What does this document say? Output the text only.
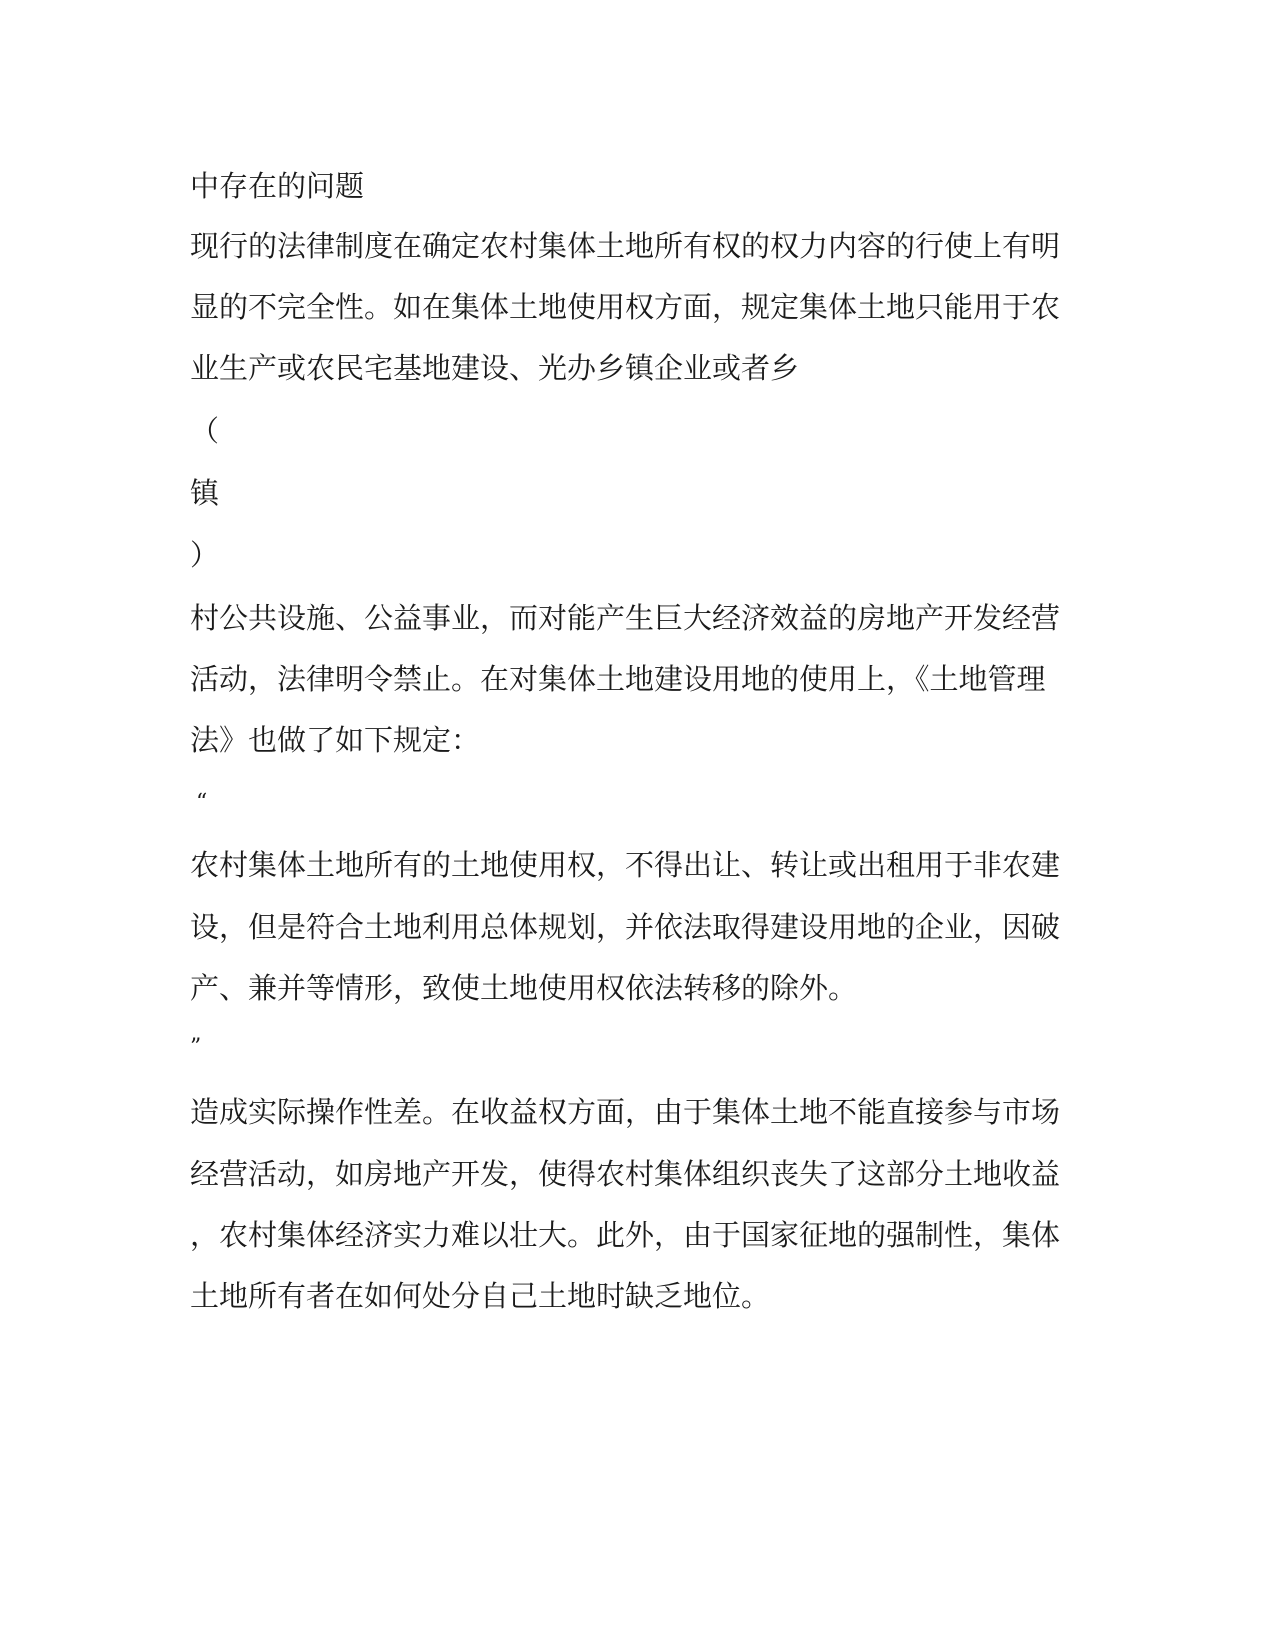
中存在的问题
现行的法律制度在确定农村集体土地所有权的权力内容的行使上有明
显的不完全性。如在集体土地使用权方面，规定集体土地只能用于农
业生产或农民宅基地建设、光办乡镇企业或者乡
（
镇
）
村公共设施、公益事业，而对能产生巨大经济效益的房地产开发经营
活动，法律明令禁止。在对集体土地建设用地的使用上，《土地管理
法》也做了如下规定：
“
农村集体土地所有的土地使用权，不得出让、转让或出租用于非农建
设，但是符合土地利用总体规划，并依法取得建设用地的企业，因破
产、兼并等情形，致使土地使用权依法转移的除外。
”
造成实际操作性差。在收益权方面，由于集体土地不能直接参与市场
经营活动，如房地产开发，使得农村集体组织丧失了这部分土地收益
，农村集体经济实力难以壮大。此外，由于国家征地的强制性，集体
土地所有者在如何处分自己土地时缺乏地位。
